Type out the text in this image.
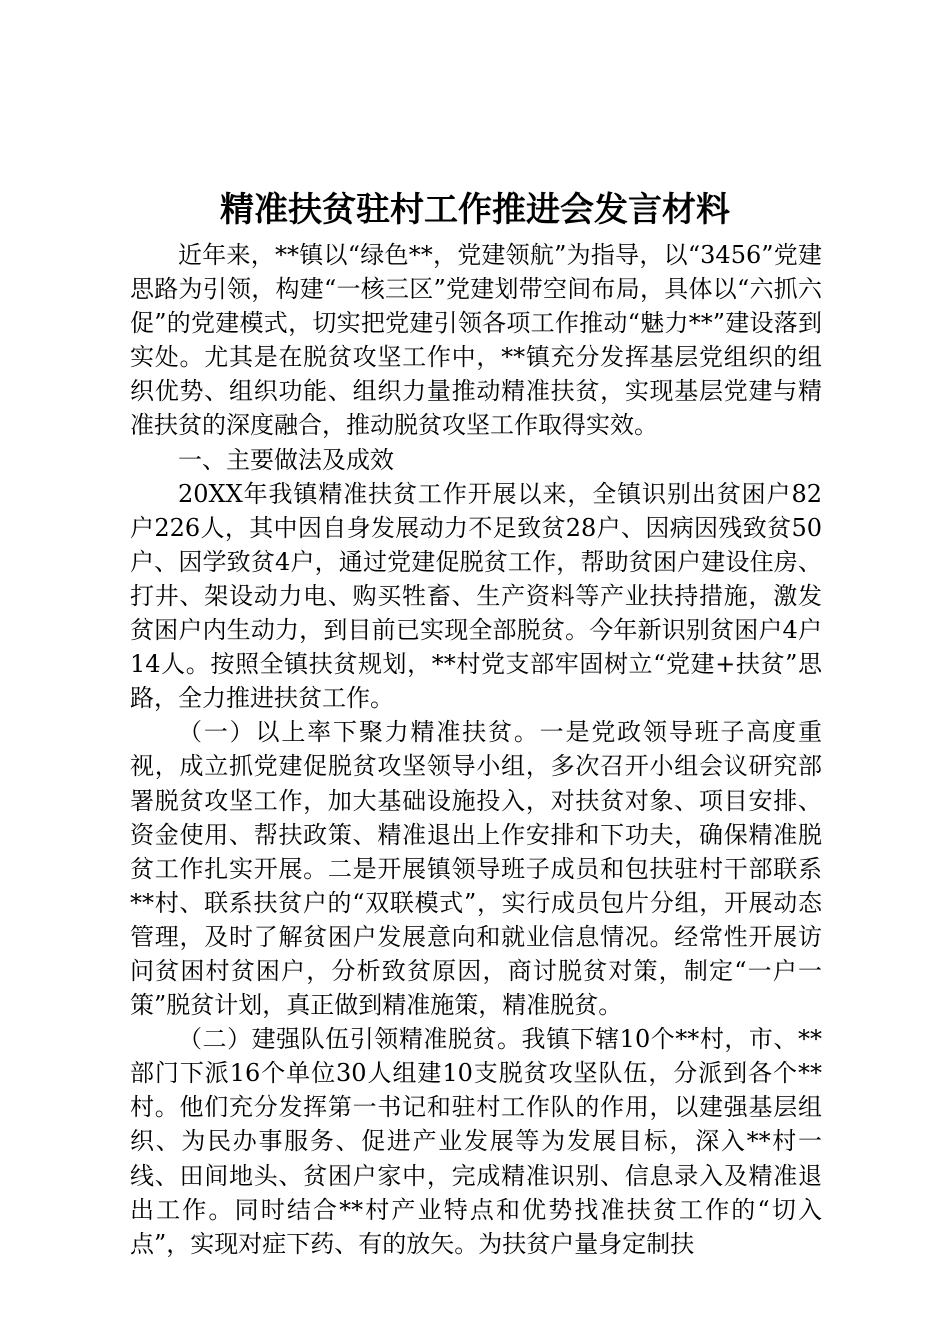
精准扶贫驻村工作推进会发言材料

近年来，**镇以“绿色**，党建领航”为指导，以“3456”党建思路为引领，构建“一核三区”党建划带空间布局，具体以“六抓六促”的党建模式，切实把党建引领各项工作推动“魅力**”建设落到实处。尤其是在脱贫攻坚工作中，**镇充分发挥基层党组织的组织优势、组织功能、组织力量推动精准扶贫，实现基层党建与精准扶贫的深度融合，推动脱贫攻坚工作取得实效。

一、主要做法及成效

20XX年我镇精准扶贫工作开展以来，全镇识别出贫困户82户226人，其中因自身发展动力不足致贫28户、因病因残致贫50户、因学致贫4户，通过党建促脱贫工作，帮助贫困户建设住房、打井、架设动力电、购买牲畜、生产资料等产业扶持措施，激发贫困户内生动力，到目前已实现全部脱贫。今年新识别贫困户4户14人。按照全镇扶贫规划，**村党支部牢固树立“党建+扶贫”思路，全力推进扶贫工作。

（一）以上率下聚力精准扶贫。一是党政领导班子高度重视，成立抓党建促脱贫攻坚领导小组，多次召开小组会议研究部署脱贫攻坚工作，加大基础设施投入，对扶贫对象、项目安排、资金使用、帮扶政策、精准退出上作安排和下功夫，确保精准脱贫工作扎实开展。二是开展镇领导班子成员和包扶驻村干部联系**村、联系扶贫户的“双联模式”，实行成员包片分组，开展动态管理，及时了解贫困户发展意向和就业信息情况。经常性开展访问贫困村贫困户，分析致贫原因，商讨脱贫对策，制定“一户一策”脱贫计划，真正做到精准施策，精准脱贫。

（二）建强队伍引领精准脱贫。我镇下辖10个**村，市、**部门下派16个单位30人组建10支脱贫攻坚队伍，分派到各个**村。他们充分发挥第一书记和驻村工作队的作用，以建强基层组织、为民办事服务、促进产业发展等为发展目标，深入**村一线、田间地头、贫困户家中，完成精准识别、信息录入及精准退出工作。同时结合**村产业特点和优势找准扶贫工作的“切入点”，实现对症下药、有的放矢。为扶贫户量身定制扶
